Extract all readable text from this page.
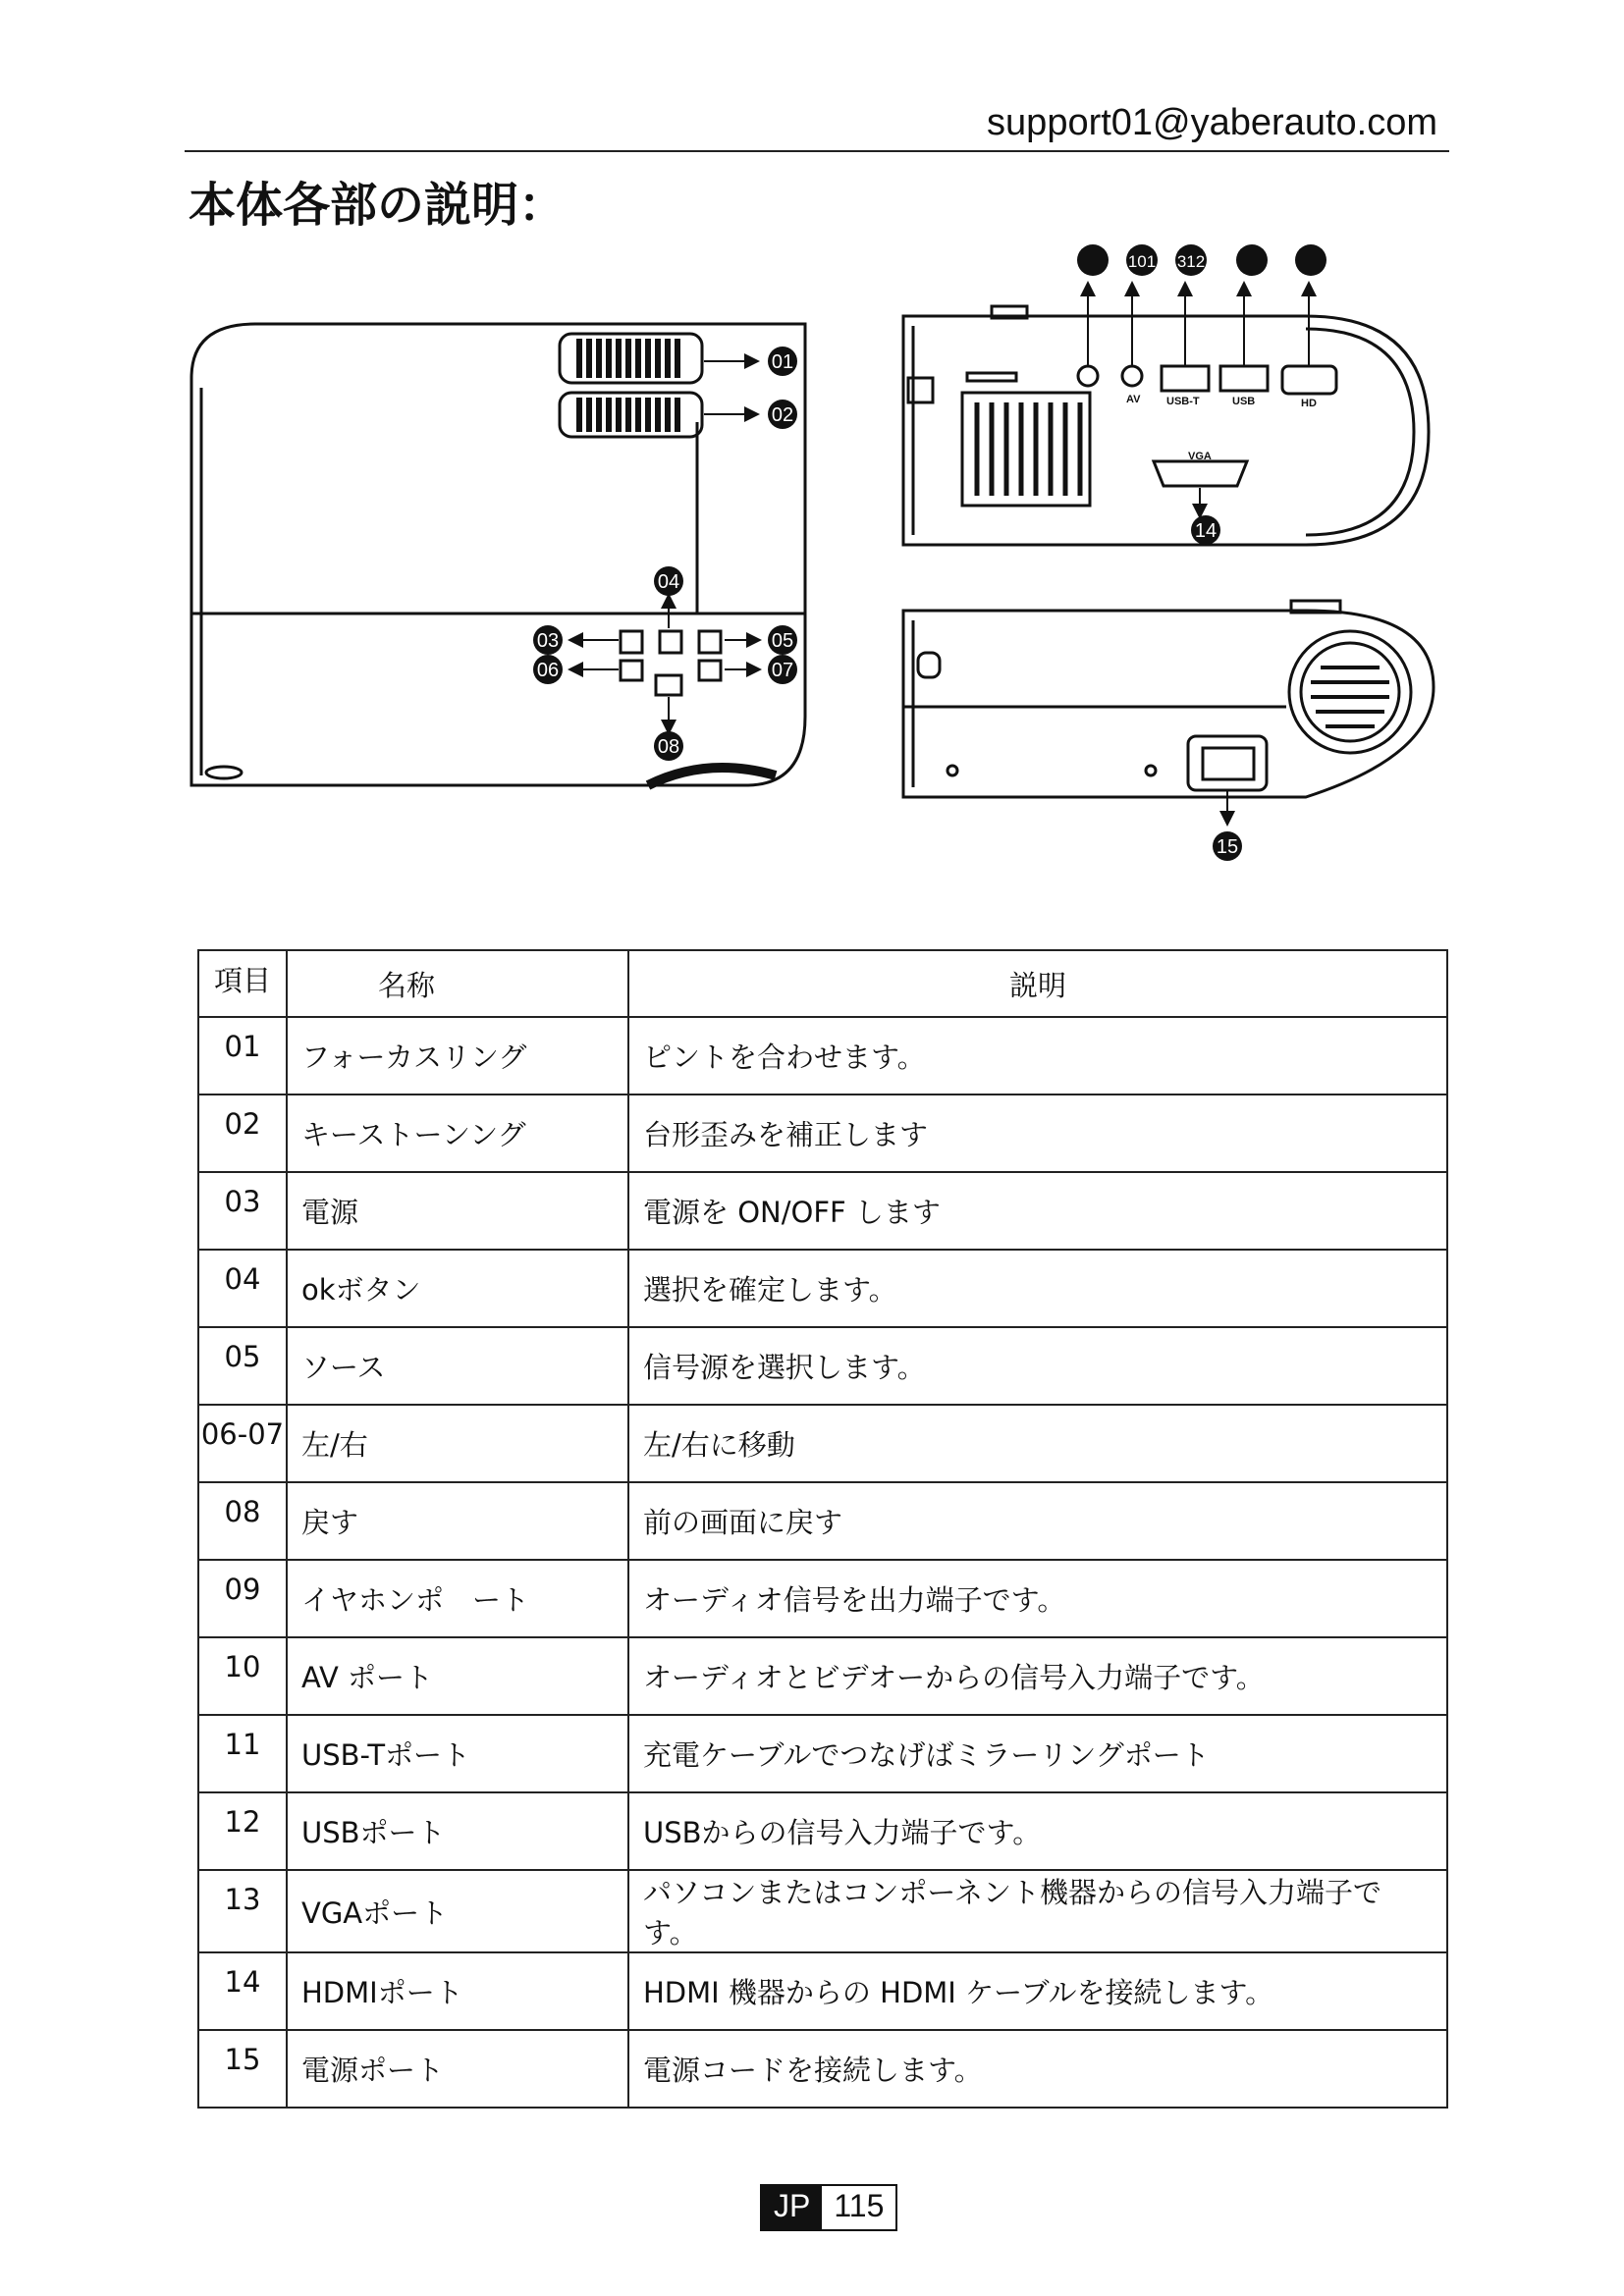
support01@yaberauto.com
本体各部の説明：
AV USB-T	USB	HD
VGA
01
02
03
04
05
06	07
08
101 312
14
15
項目	名称	説明
01	フォーカスリング	ピントを合わせます。
02	キーストーンング	台形歪みを補正します
03	電源	電源を ON/OFF します
04	okボタン	選択を確定します。
05	ソース	信号源を選択します。
06-07	左/右	左/右に移動
08	戻す	前の画面に戻す
09	イヤホンポ　ート	オーディオ信号を出力端子です。
10	AV ポート	オーディオとビデオーからの信号入力端子です。
11	USB-Tポート	充電ケーブルでつなげばミラーリングポート
12	USBポート	USBからの信号入力端子です。
13	VGAポート	パソコンまたはコンポーネント機器からの信号入力端子です。
14	HDMIポート	HDMI 機器からの HDMI ケーブルを接続します。
15	電源ポート	電源コードを接続します。
JP 115
